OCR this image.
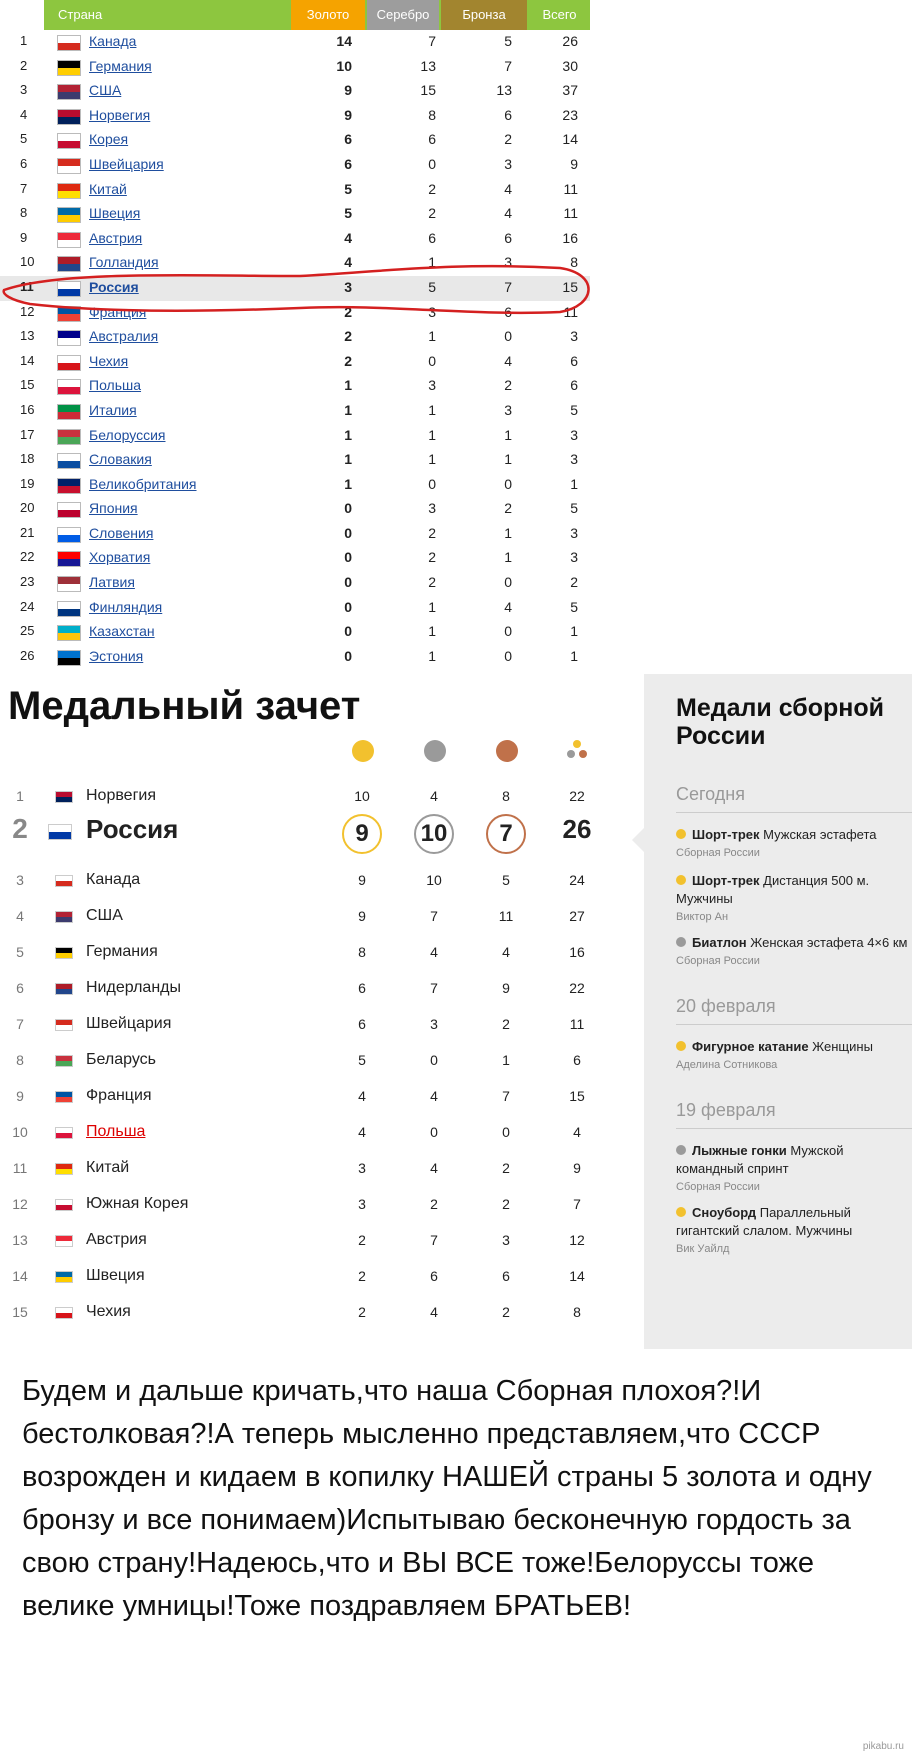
Страна	Золото	Серебро	Бронза	Всего
1	Канада	14	7	5	26
2	Германия	10	13	7	30
3	США	9	15	13	37
4	Норвегия	9	8	6	23
5	Корея	6	6	2	14
6	Швейцария	6	0	3	9
7	Китай	5	2	4	11
8	Швеция	5	2	4	11
9	Австрия	4	6	6	16
10	Голландия	4	1	3	8
11	Россия	3	5	7	15
12	Франция	2	3	6	11
13	Австралия	2	1	0	3
14	Чехия	2	0	4	6
15	Польша	1	3	2	6
16	Италия	1	1	3	5
17	Белоруссия	1	1	1	3
18	Словакия	1	1	1	3
19	Великобритания	1	0	0	1
20	Япония	0	3	2	5
21	Словения	0	2	1	3
22	Хорватия	0	2	1	3
23	Латвия	0	2	0	2
24	Финляндия	0	1	4	5
25	Казахстан	0	1	0	1
26	Эстония	0	1	0	1
Медальный зачет
1	Норвегия	10	4	8	22
2 Россия	9	10	7	26
3	Канада	9	10	5	24
4	США	9	7	11	27
5	Германия	8	4	4	16
6	Нидерланды	6	7	9	22
7	Швейцария	6	3	2	11
8	Беларусь	5	0	1	6
9	Франция	4	4	7	15
10	Польша	4	0	0	4
11	Китай	3	4	2	9
12	Южная Корея	3	2	2	7
13	Австрия	2	7	3	12
14	Швеция	2	6	6	14
15	Чехия	2	4	2	8
Медали сборной России
Сегодня
Шорт-трек Мужская эстафета
Сборная России
Шорт-трек Дистанция 500 м. Мужчины
Виктор Ан
Биатлон Женская эстафета 4×6 км
Сборная России
20 февраля
Фигурное катание Женщины
Аделина Сотникова
19 февраля
Лыжные гонки Мужской командный спринт
Сборная России
Сноуборд Параллельный гигантский слалом. Мужчины
Вик Уайлд
Будем и дальше кричать,что наша Сборная плохоя?!И бестолковая?!А теперь мысленно представляем,что СССР возрожден и кидаем в копилку НАШЕЙ страны 5 золота и одну бронзу и все понимаем)Испытываю бесконечную гордость за свою страну!Надеюсь,что и ВЫ ВСЕ тоже!Белоруссы тоже велике умницы!Тоже поздравляем БРАТЬЕВ!
pikabu.ru
